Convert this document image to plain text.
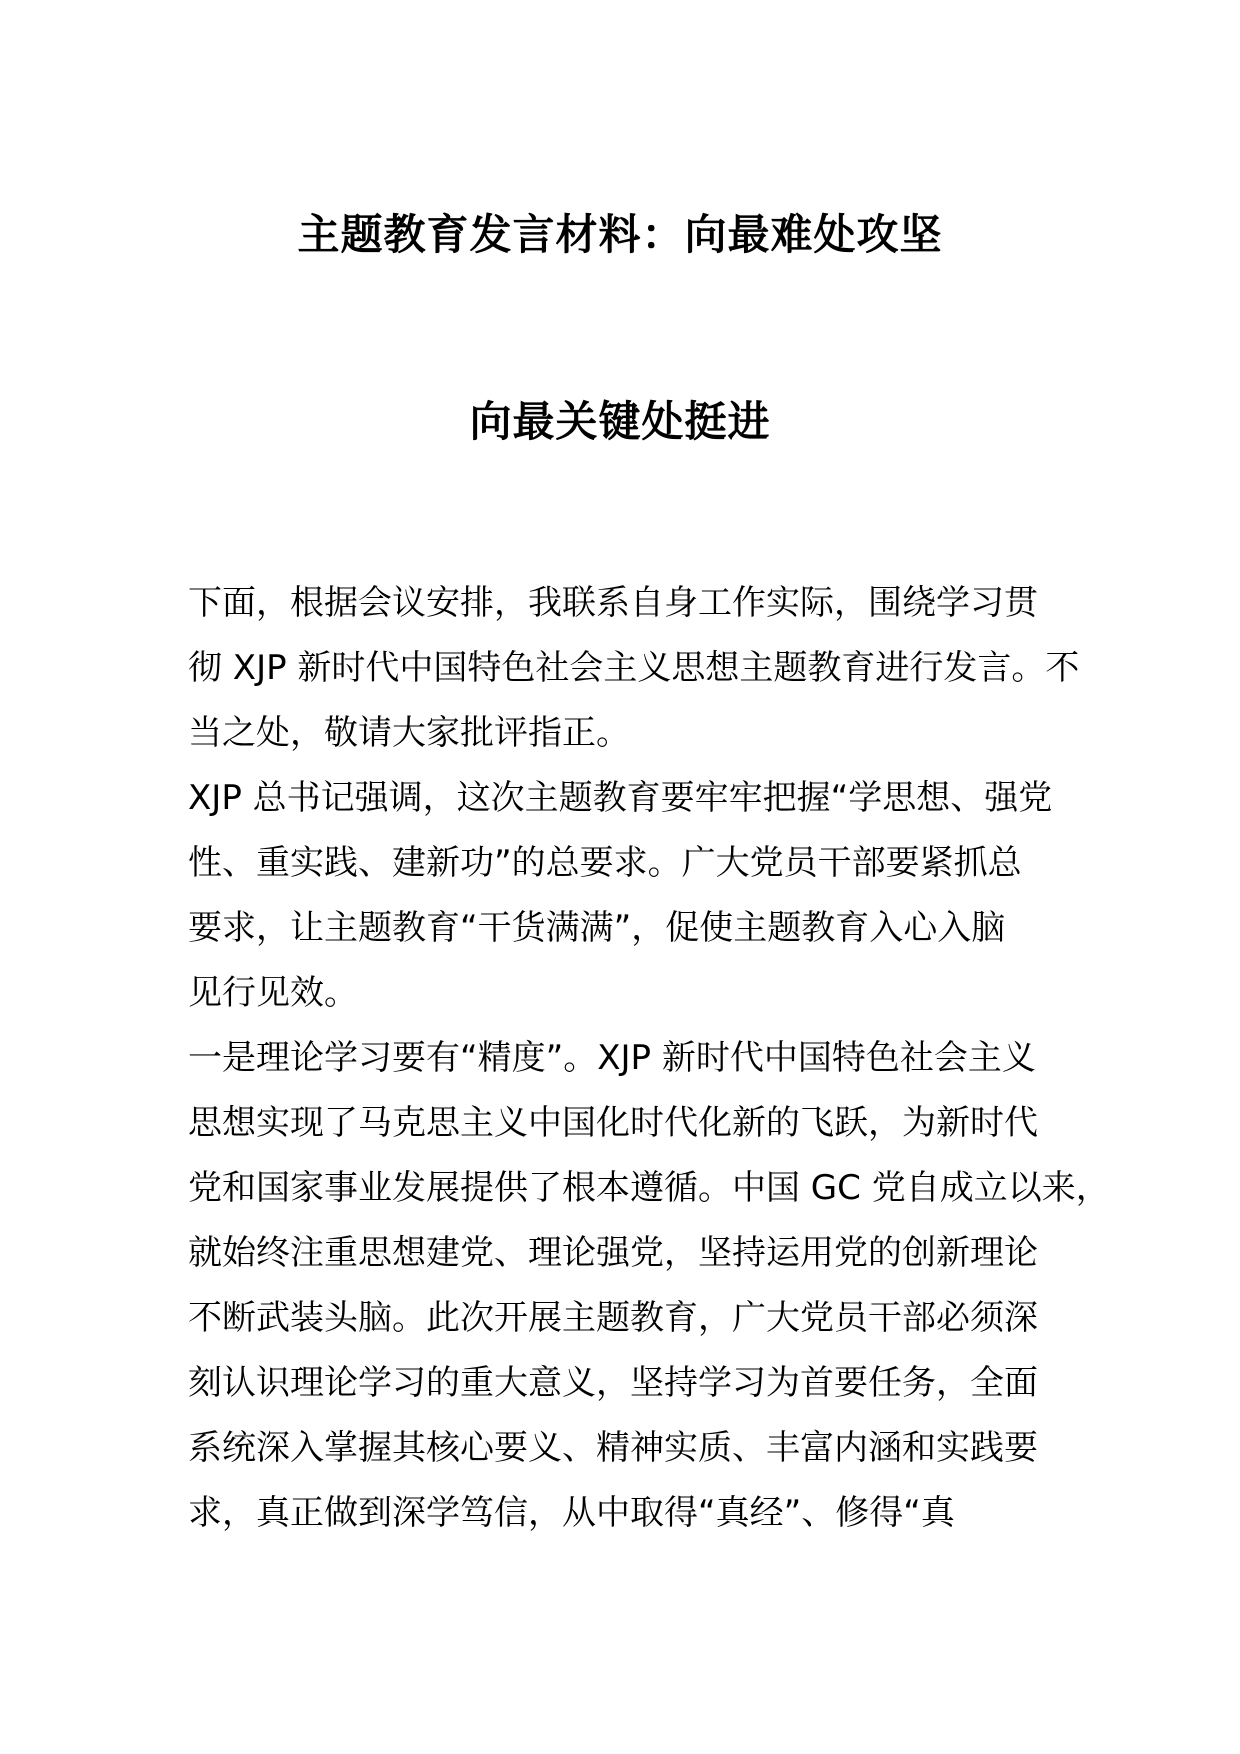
主题教育发言材料：向最难处攻坚
向最关键处挺进
下面，根据会议安排，我联系自身工作实际，围绕学习贯
彻 XJP 新时代中国特色社会主义思想主题教育进行发言。不
当之处，敬请大家批评指正。
XJP 总书记强调，这次主题教育要牢牢把握“学思想、强党
性、重实践、建新功”的总要求。广大党员干部要紧抓总
要求，让主题教育“干货满满”，促使主题教育入心入脑
见行见效。
一是理论学习要有“精度”。XJP 新时代中国特色社会主义
思想实现了马克思主义中国化时代化新的飞跃，为新时代
党和国家事业发展提供了根本遵循。中国 GC 党自成立以来，
就始终注重思想建党、理论强党，坚持运用党的创新理论
不断武装头脑。此次开展主题教育，广大党员干部必须深
刻认识理论学习的重大意义，坚持学习为首要任务，全面
系统深入掌握其核心要义、精神实质、丰富内涵和实践要
求，真正做到深学笃信，从中取得“真经”、修得“真
